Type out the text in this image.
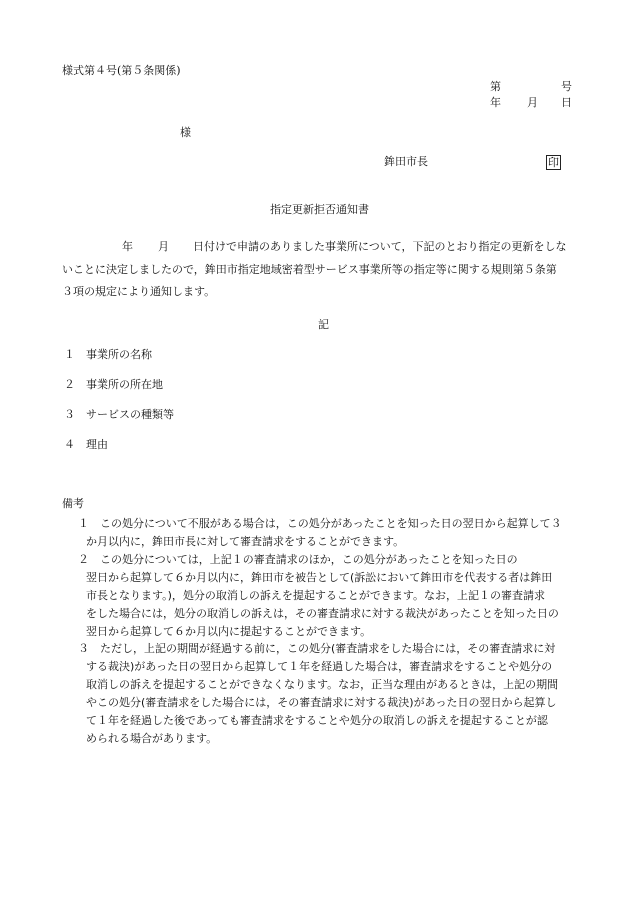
様式第４号(第５条関係)
第	号
年 月 日
様
鉾田市長	印
指定更新拒否通知書
年 月 日付けで申請のありました事業所について，下記のとおり指定の更新をしな
いことに決定しましたので，鉾田市指定地域密着型サービス事業所等の指定等に関する規則第５条第
３項の規定により通知します。
記
１ 事業所の名称
２ 事業所の所在地
３ サービスの種類等
４ 理由
備考
１	この処分について不服がある場合は，この処分があったことを知った日の翌日から起算して３
か月以内に，鉾田市長に対して審査請求をすることができます。
２	この処分については，上記１の審査請求のほか，この処分があったことを知った日の
翌日から起算して６か月以内に，鉾田市を被告として(訴訟において鉾田市を代表する者は鉾田
市長となります。)，処分の取消しの訴えを提起することができます。なお，上記１の審査請求
をした場合には，処分の取消しの訴えは，その審査請求に対する裁決があったことを知った日の
翌日から起算して６か月以内に提起することができます。
３	ただし，上記の期間が経過する前に，この処分(審査請求をした場合には，その審査請求に対
する裁決)があった日の翌日から起算して１年を経過した場合は，審査請求をすることや処分の
取消しの訴えを提起することができなくなります。なお，正当な理由があるときは，上記の期間
やこの処分(審査請求をした場合には，その審査請求に対する裁決)があった日の翌日から起算し
て１年を経過した後であっても審査請求をすることや処分の取消しの訴えを提起することが認
められる場合があります。
